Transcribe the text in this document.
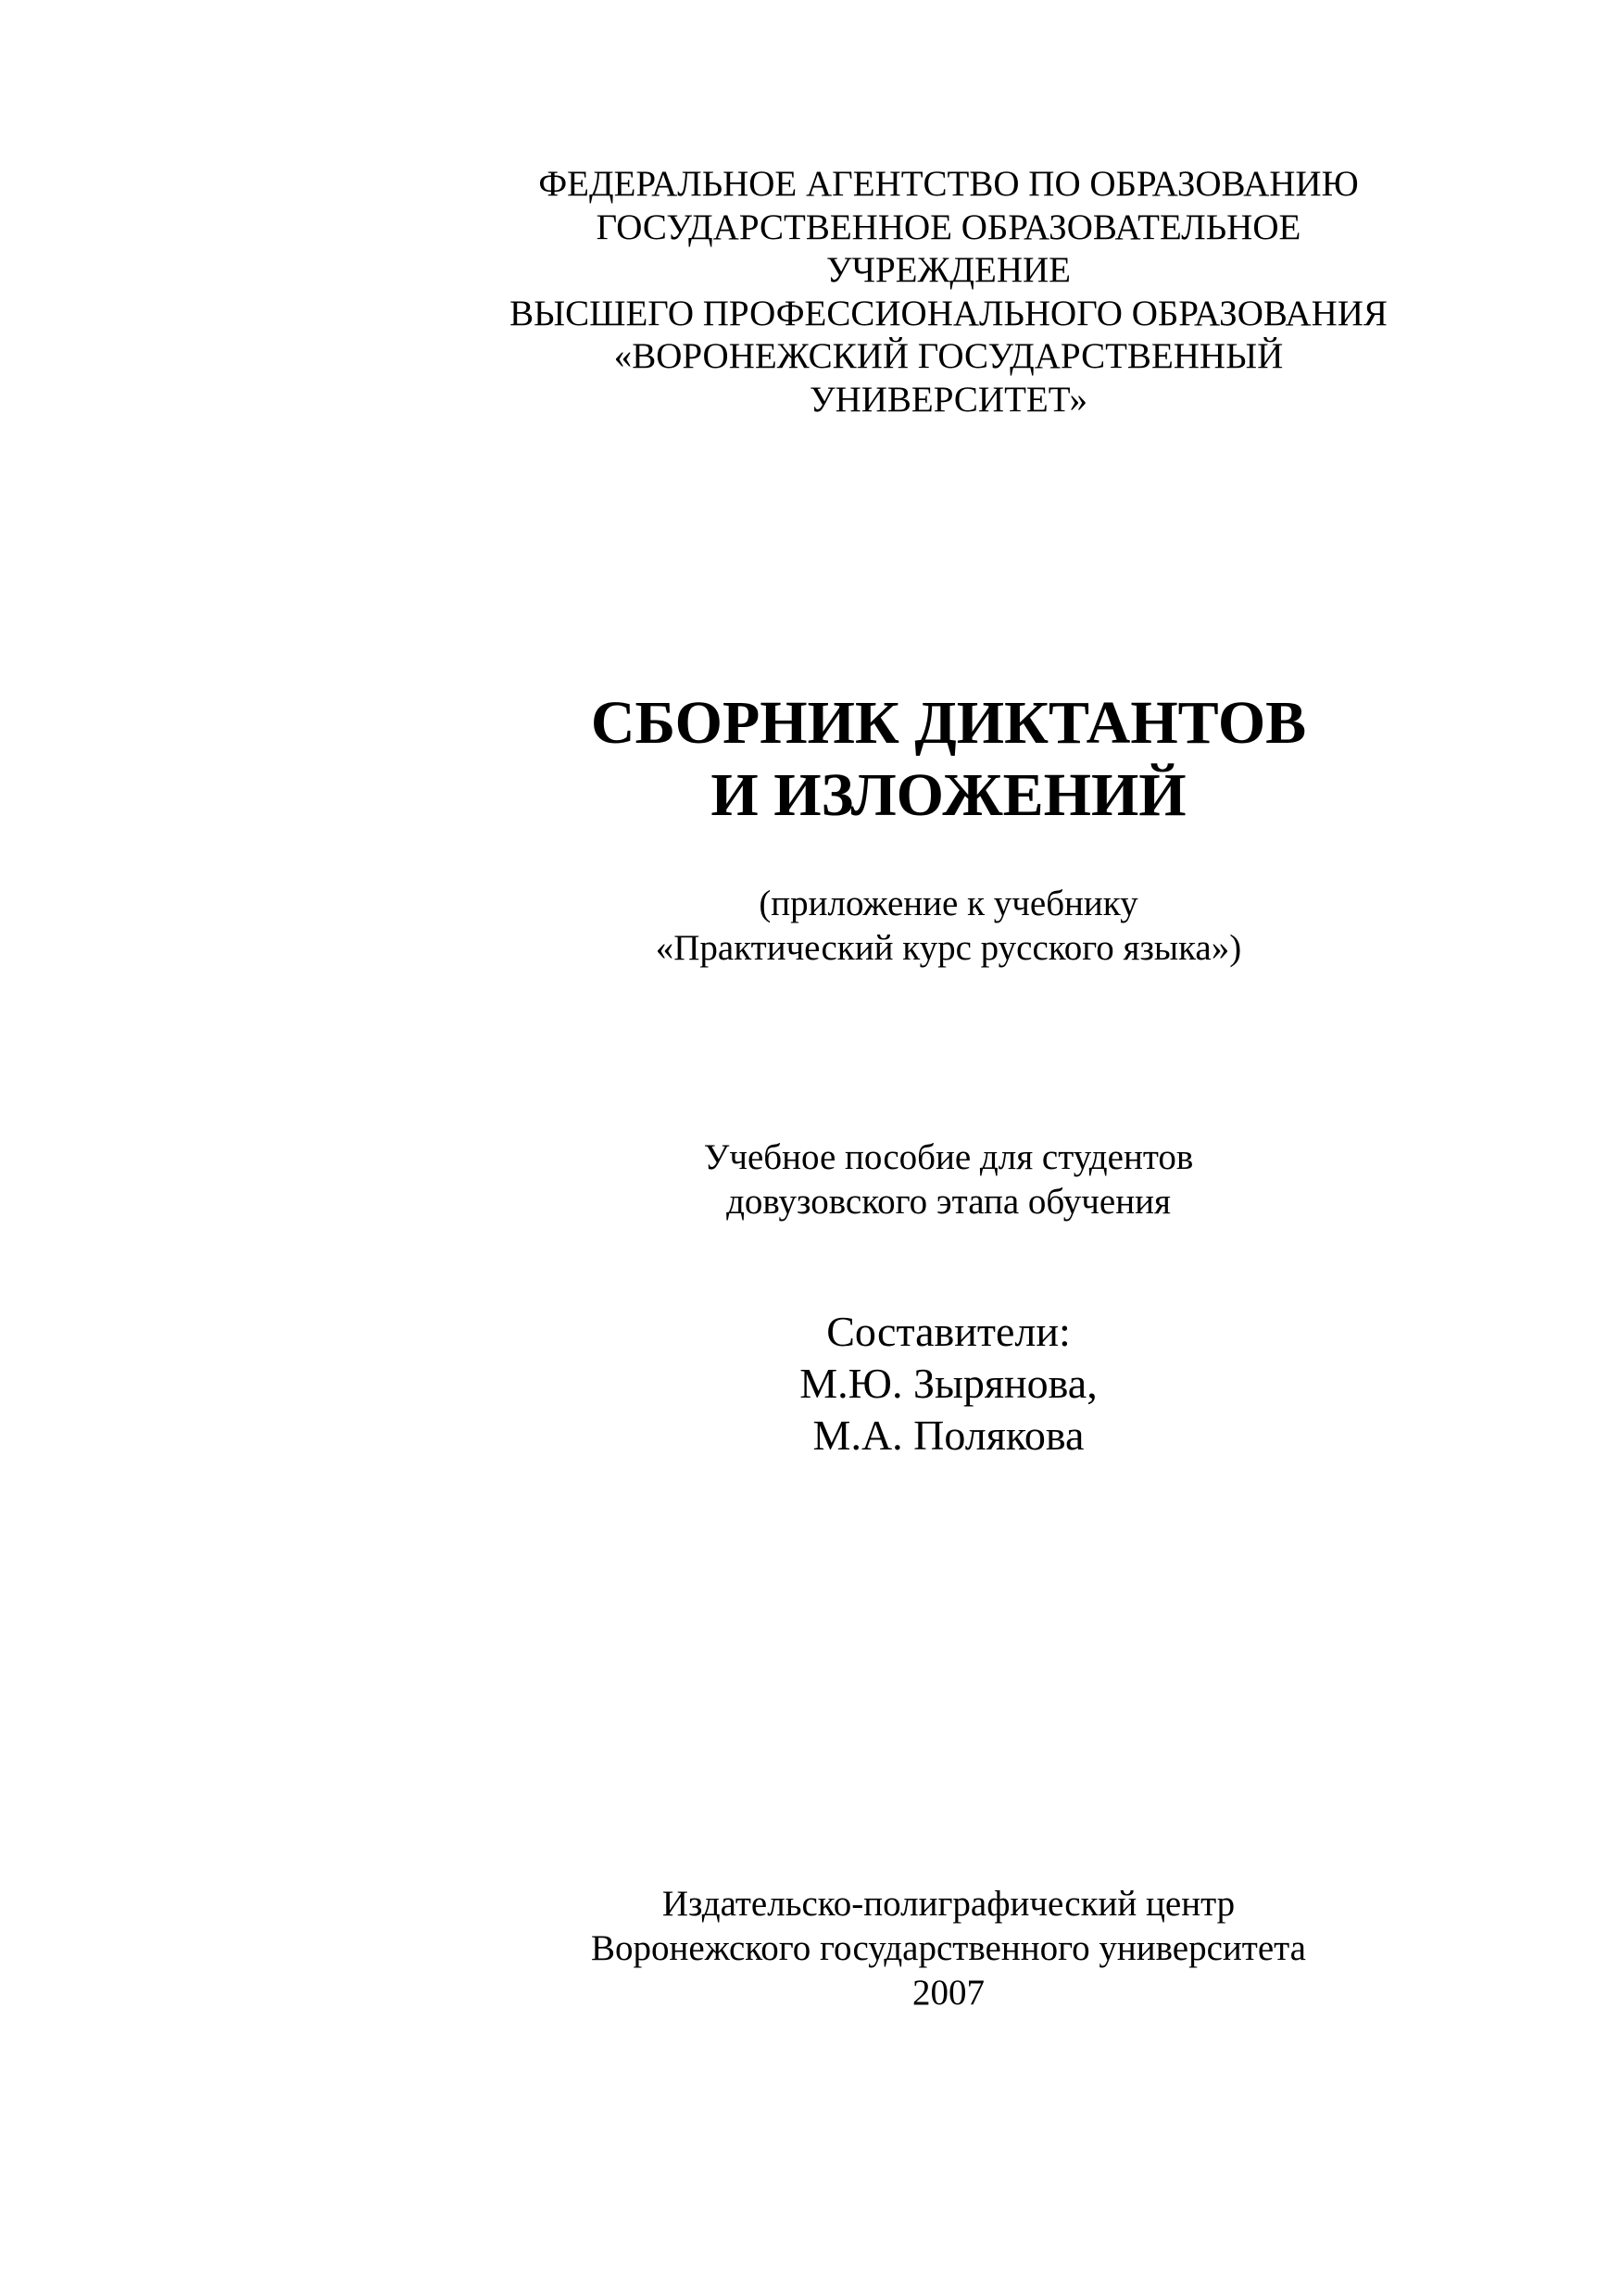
ФЕДЕРАЛЬНОЕ АГЕНТСТВО ПО ОБРАЗОВАНИЮ
ГОСУДАРСТВЕННОЕ ОБРАЗОВАТЕЛЬНОЕ
УЧРЕЖДЕНИЕ
ВЫСШЕГО ПРОФЕССИОНАЛЬНОГО ОБРАЗОВАНИЯ
«ВОРОНЕЖСКИЙ ГОСУДАРСТВЕННЫЙ
УНИВЕРСИТЕТ»
СБОРНИК ДИКТАНТОВ
И ИЗЛОЖЕНИЙ
(приложение к учебнику
«Практический курс русского языка»)
Учебное пособие для студентов
довузовского этапа обучения
Составители:
М.Ю. Зырянова,
М.А. Полякова
Издательско-полиграфический центр
Воронежского государственного университета
2007
